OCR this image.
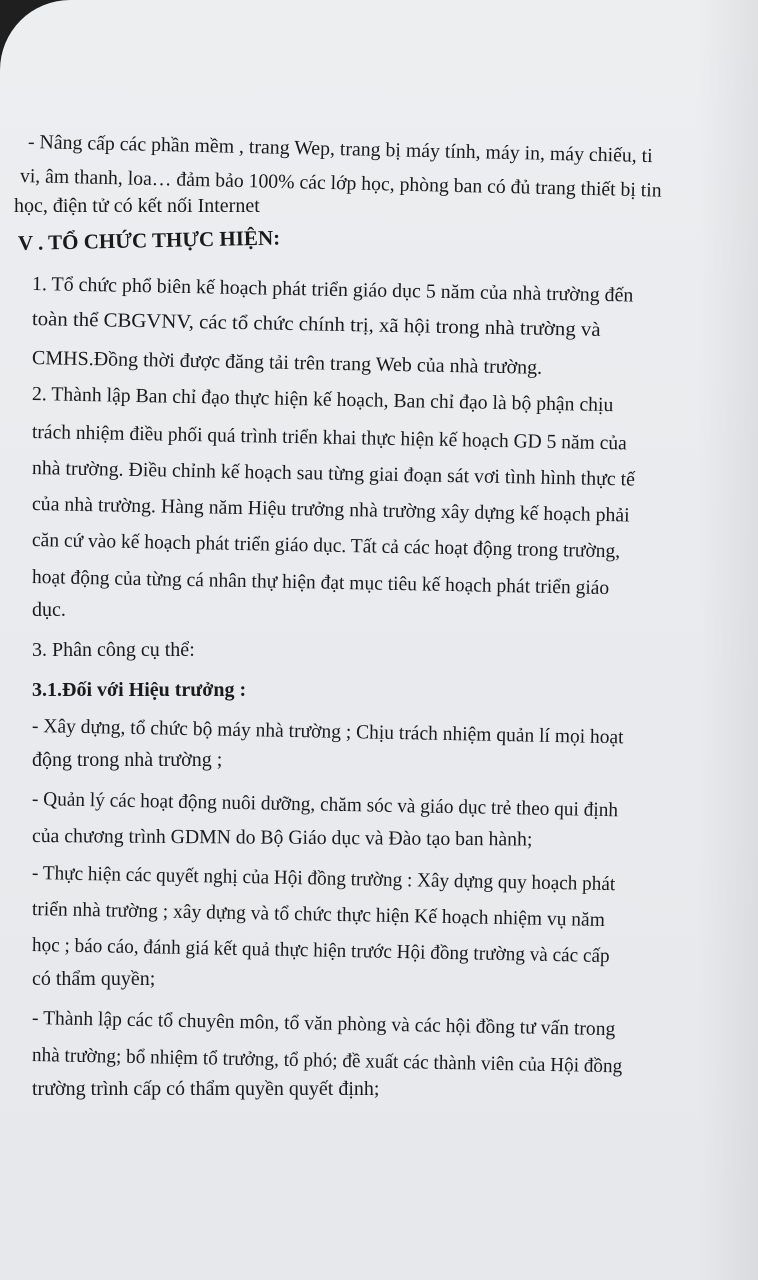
- Nâng cấp các phần mềm , trang Wep, trang bị máy tính, máy in, máy chiếu, ti

vi, âm thanh, loa… đảm bảo 100% các lớp học, phòng ban có đủ trang thiết bị tin

học, điện tử có kết nối Internet

V . TỔ CHỨC THỰC HIỆN:

1. Tổ chức phổ biên kế hoạch phát triển giáo dục 5 năm của nhà trường đến

toàn thể CBGVNV, các tổ chức chính trị, xã hội trong nhà trường và

CMHS.Đồng thời được đăng tải trên trang Web của nhà trường.

2. Thành lập Ban chỉ đạo thực hiện kế hoạch, Ban chỉ đạo là bộ phận chịu

trách nhiệm điều phối quá trình triển khai thực hiện kế hoạch GD 5 năm của

nhà trường. Điều chỉnh kế hoạch sau từng giai đoạn sát vơi tình hình thực tế

của nhà trường. Hàng năm Hiệu trưởng nhà trường xây dựng kế hoạch phải

căn cứ vào kế hoạch phát triển giáo dục. Tất cả các hoạt động trong trường,

hoạt động của từng cá nhân thự hiện đạt mục tiêu kế hoạch phát triển giáo

dục.

3. Phân công cụ thể:

3.1.Đối với Hiệu trưởng :

- Xây dựng, tổ chức bộ máy nhà trường ; Chịu trách nhiệm quản lí mọi hoạt

động trong nhà trường ;

- Quản lý các hoạt động nuôi dưỡng, chăm sóc và giáo dục trẻ theo qui định

của chương trình GDMN do Bộ Giáo dục và Đào tạo ban hành;

- Thực hiện các quyết nghị của Hội đồng trường : Xây dựng quy hoạch phát

triển nhà trường ; xây dựng và tổ chức thực hiện Kế hoạch nhiệm vụ năm

học ; báo cáo, đánh giá kết quả thực hiện trước Hội đồng trường và các cấp

có thẩm quyền;

- Thành lập các tổ chuyên môn, tổ văn phòng và các hội đồng tư vấn trong

nhà trường; bổ nhiệm tổ trưởng, tổ phó; đề xuất các thành viên của Hội đồng

trường trình cấp có thẩm quyền quyết định;
